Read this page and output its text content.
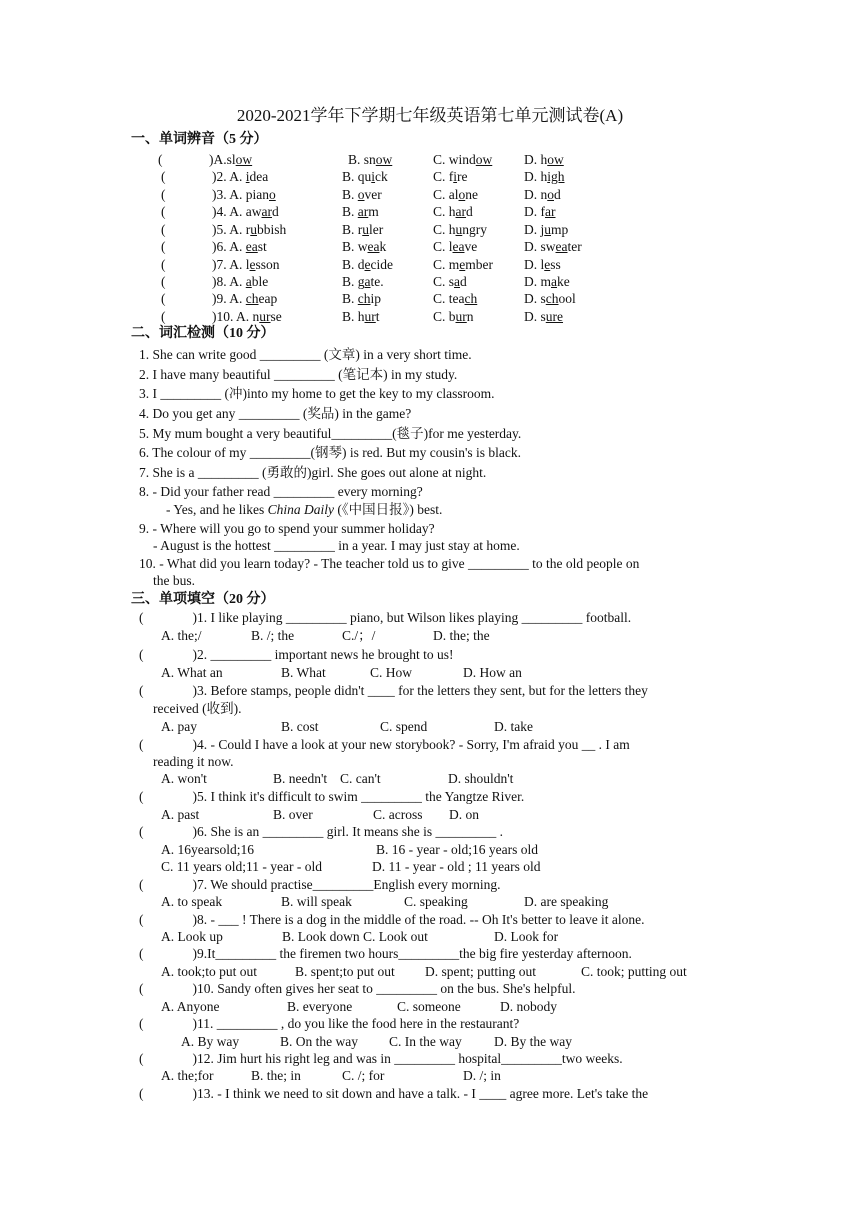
2020-2021学年下学期七年级英语第七单元测试卷(A)
一、单词辨音（5 分）
(	)A.slow	B. snow	C. window D. how
(	)2. A. idea	B. quick	C. fire	D. high
(	)3. A. piano	B. over	C. alone	D. nod
(	)4. A. award	B. arm	C. hard	D. far
(	)5. A. rubbish	B. ruler	C. hungry	D. jump
(	)6. A. east	B. weak	C. leave	D. sweater
(	)7. A. lesson	B. decide	C. member D. less
(	)8. A. able	B. gate.	C. sad	D. make
(	)9. A. cheap	B. chip	C. teach	D. school
(	)10. A. nurse	B. hurt	C. burn	D. sure
二、词汇检测（10 分）
1. She can write good _________ (文章) in a very short time.
2. I have many beautiful _________ (笔记本) in my study.
3. I _________ (冲)into my home to get the key to my classroom.
4. Do you get any _________ (奖品) in the game?
5. My mum bought a very beautiful_________(毯子)for me yesterday.
6. The colour of my _________(钢琴) is red. But my cousin's is black.
7. She is a _________ (勇敢的)girl. She goes out alone at night.
8. - Did your father read _________ every morning?
- Yes, and he likes China Daily (《中国日报》) best.
9. - Where will you go to spend your summer holiday?
- August is the hottest _________ in a year. I may just stay at home.
10. - What did you learn today? - The teacher told us to give _________ to the old people on
the bus.
三、单项填空（20 分）
(	)1. I like playing _________ piano, but Wilson likes playing _________ football.
A. the;/	B. /; the	C./；/	D. the; the
(	)2. _________ important news he brought to us!
A. What an	B. What	C. How	D. How an
(	)3. Before stamps, people didn't ____ for the letters they sent, but for the letters they
received (收到).
A. pay	B. cost	C. spend	D. take
(	)4. - Could I have a look at your new storybook? - Sorry, I'm afraid you __ . I am
reading it now.
A. won't	B. needn't C. can't	D. shouldn't
(	)5. I think it's difficult to swim _________ the Yangtze River.
A. past	B. over	C. across D. on
(	)6. She is an _________ girl. It means she is _________ .
A. 16yearsold;16	B. 16 - year - old;16 years old
C. 11 years old;11 - year - old	D. 11 - year - old ; 11 years old
(	)7. We should practise_________English every morning.
A. to speak	B. will speak	C. speaking	D. are speaking
(	)8. - ___ ! There is a dog in the middle of the road. -- Oh It's better to leave it alone.
A. Look up	B. Look down C. Look out	D. Look for
(	)9.It_________ the firemen two hours_________the big fire yesterday afternoon.
A. took;to put out	B. spent;to put out D. spent; putting out	C. took; putting out
(	)10. Sandy often gives her seat to _________ on the bus. She's helpful.
A. Anyone	B. everyone	C. someone	D. nobody
(	)11. _________ , do you like the food here in the restaurant?
A. By way	B. On the way C. In the way D. By the way
(	)12. Jim hurt his right leg and was in _________ hospital_________two weeks.
A. the;for	B. the; in	C. /; for	D. /; in
(	)13. - I think we need to sit down and have a talk. - I ____ agree more. Let's take the
